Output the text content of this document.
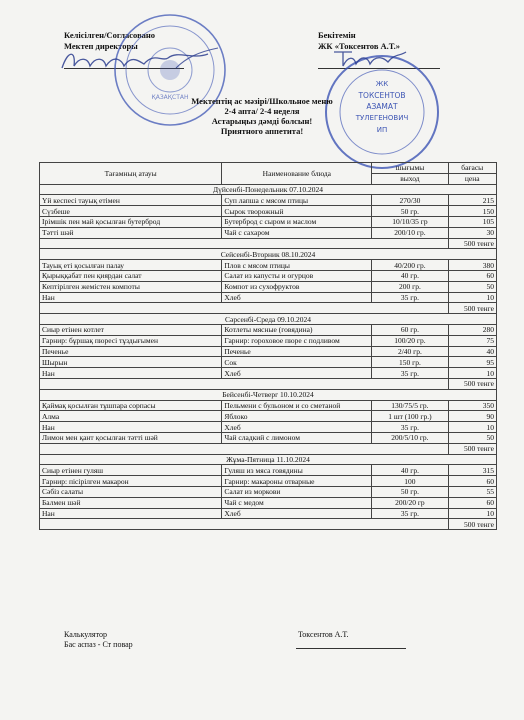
Келісілген/Согласовано
Мектеп директоры
Бекітемін
ЖК «Токсентов А.Т.»
ҚАЗАҚСТАН
ЖК
ТОКСЕНТОВ
АЗАМАТ
ТУЛЕГЕНОВИЧ
ИП
Мектептің ас мәзірі/Школьное меню
2-4 апта/ 2-4 неделя
Астарыңыз дәмді болсын!
Приятного аппетита!
Тағамның атауы	Наименование блюда	шығымы	бағасы
		выход	цена
Дүйсенбі-Понедельник 07.10.2024			
Үй кеспесі тауық етімен	Суп лапша с мясом птицы	270/30	215
Сүзбеше	Сырок творожный	50 гр.	150
Ірімшік пен май қосылған бутерброд	Бутерброд с сыром и маслом	10/10/35 гр	105
Тәтті шәй	Чай с сахаром	200/10 гр.	30
			500 тенге
Сейсенбі-Вторник 08.10.2024			
Тауық еті қосылған палау	Плов с мясом птицы	40/200 гр.	380
Қырыққабат пен қиярдан салат	Салат из капусты и огурцов	40 гр.	60
Кептірілген жемістен компоты	Компот из сухофруктов	200 гр.	50
Нан	Хлеб	35 гр.	10
			500 тенге
Сәрсенбі-Среда 09.10.2024			
Сиыр етінен котлет	Котлеты мясные (говядина)	60 гр.	280
Гарнир: бұршақ пюресі тұздығымен	Гарнир: гороховое пюре с подливом	100/20 гр.	75
Печенье	Печенье	2/40 гр.	40
Шырын	Сок	150 гр.	95
Нан	Хлеб	35 гр.	10
			500 тенге
Бейсенбі-Четверг 10.10.2024			
Қаймақ қосылған тұшпара сорпасы	Пельмени с бульоном и со сметаной	130/75/5 гр.	350
Алма	Яблоко	1 шт (100 гр.)	90
Нан	Хлеб	35 гр.	10
Лимон мен қант қосылған тәтті шәй	Чай сладкий с лимоном	200/5/10 гр.	50
			500 тенге
Жұма-Пятница 11.10.2024			
Сиыр етінен гуляш	Гуляш из мяса говядины	40 гр.	315
Гарнир: пісірілген макарон	Гарнир: макароны отварные	100	60
Сәбіз салаты	Салат из моркови	50 гр.	55
Балмен шәй	Чай с медом	200/20 гр	60
Нан	Хлеб	35 гр.	10
			500 тенге
Калькулятор
Бас аспаз - Ст повар
Токсентов А.Т.
